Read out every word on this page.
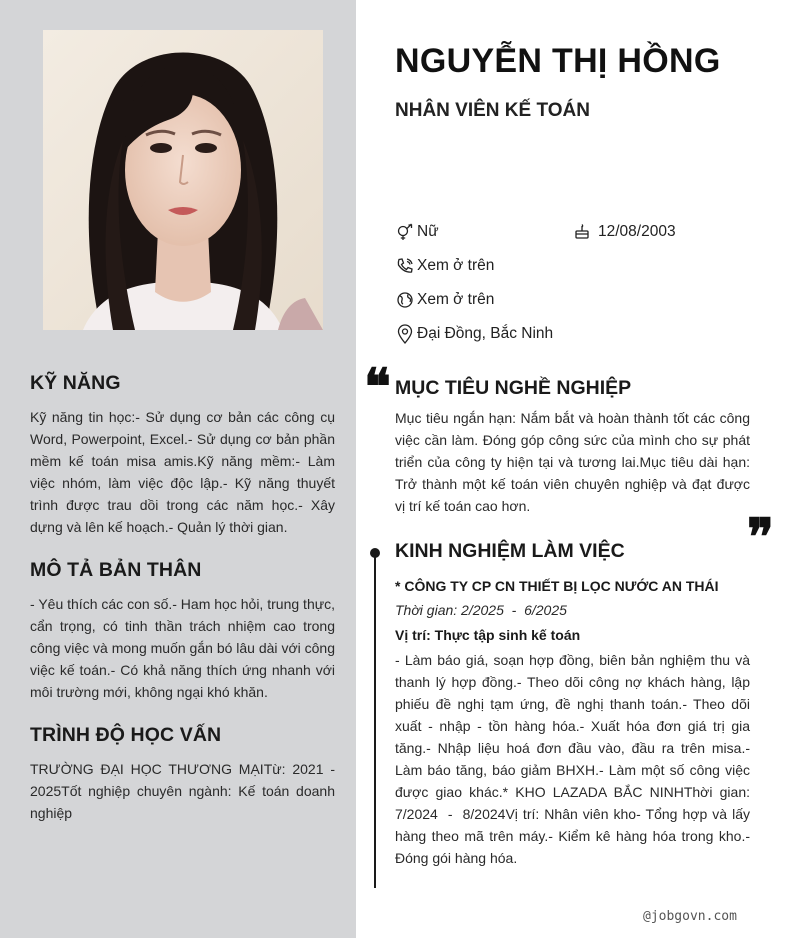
KỸ NĂNG
Kỹ năng tin học:- Sử dụng cơ bản các công cụ Word, Powerpoint, Excel.- Sử dụng cơ bản phần mềm kế toán misa amis.Kỹ năng mềm:- Làm việc nhóm, làm việc độc lập.- Kỹ năng thuyết trình được trau dồi trong các năm học.- Xây dựng và lên kế hoạch.- Quản lý thời gian.
MÔ TẢ BẢN THÂN
- Yêu thích các con số.- Ham học hỏi, trung thực, cẩn trọng, có tinh thần trách nhiệm cao trong công việc và mong muốn gắn bó lâu dài với công việc kế toán.- Có khả năng thích ứng nhanh với môi trường mới, không ngại khó khăn.
TRÌNH ĐỘ HỌC VẤN
TRƯỜNG ĐẠI HỌC THƯƠNG MẠITừ: 2021 - 2025Tốt nghiệp chuyên ngành: Kế toán doanh nghiệp
NGUYỄN THỊ HỒNG
NHÂN VIÊN KẾ TOÁN
Nữ	12/08/2003
Xem ở trên
Xem ở trên
Đại Đồng, Bắc Ninh
❝ MỤC TIÊU NGHỀ NGHIỆP
Mục tiêu ngắn hạn: Nắm bắt và hoàn thành tốt các công việc cần làm. Đóng góp công sức của mình cho sự phát triển của công ty hiện tại và tương lai.Mục tiêu dài hạn: Trở thành một kế toán viên chuyên nghiệp và đạt được vị trí kế toán cao hơn.
❞
KINH NGHIỆM LÀM VIỆC
* CÔNG TY CP CN THIẾT BỊ LỌC NƯỚC AN THÁI
Thời gian: 2/2025  -  6/2025
Vị trí: Thực tập sinh kế toán
- Làm báo giá, soạn hợp đồng, biên bản nghiệm thu và thanh lý hợp đồng.- Theo dõi công nợ khách hàng, lập phiếu đề nghị tạm ứng, đề nghị thanh toán.- Theo dõi xuất - nhập - tồn hàng hóa.- Xuất hóa đơn giá trị gia tăng.- Nhập liệu hoá đơn đầu vào, đầu ra trên misa.- Làm báo tăng, báo giảm BHXH.- Làm một số công việc được giao khác.* KHO LAZADA BẮC NINHThời gian: 7/2024  -  8/2024Vị trí: Nhân viên kho- Tổng hợp và lấy hàng theo mã trên máy.- Kiểm kê hàng hóa trong kho.- Đóng gói hàng hóa.
@jobgovn.com
